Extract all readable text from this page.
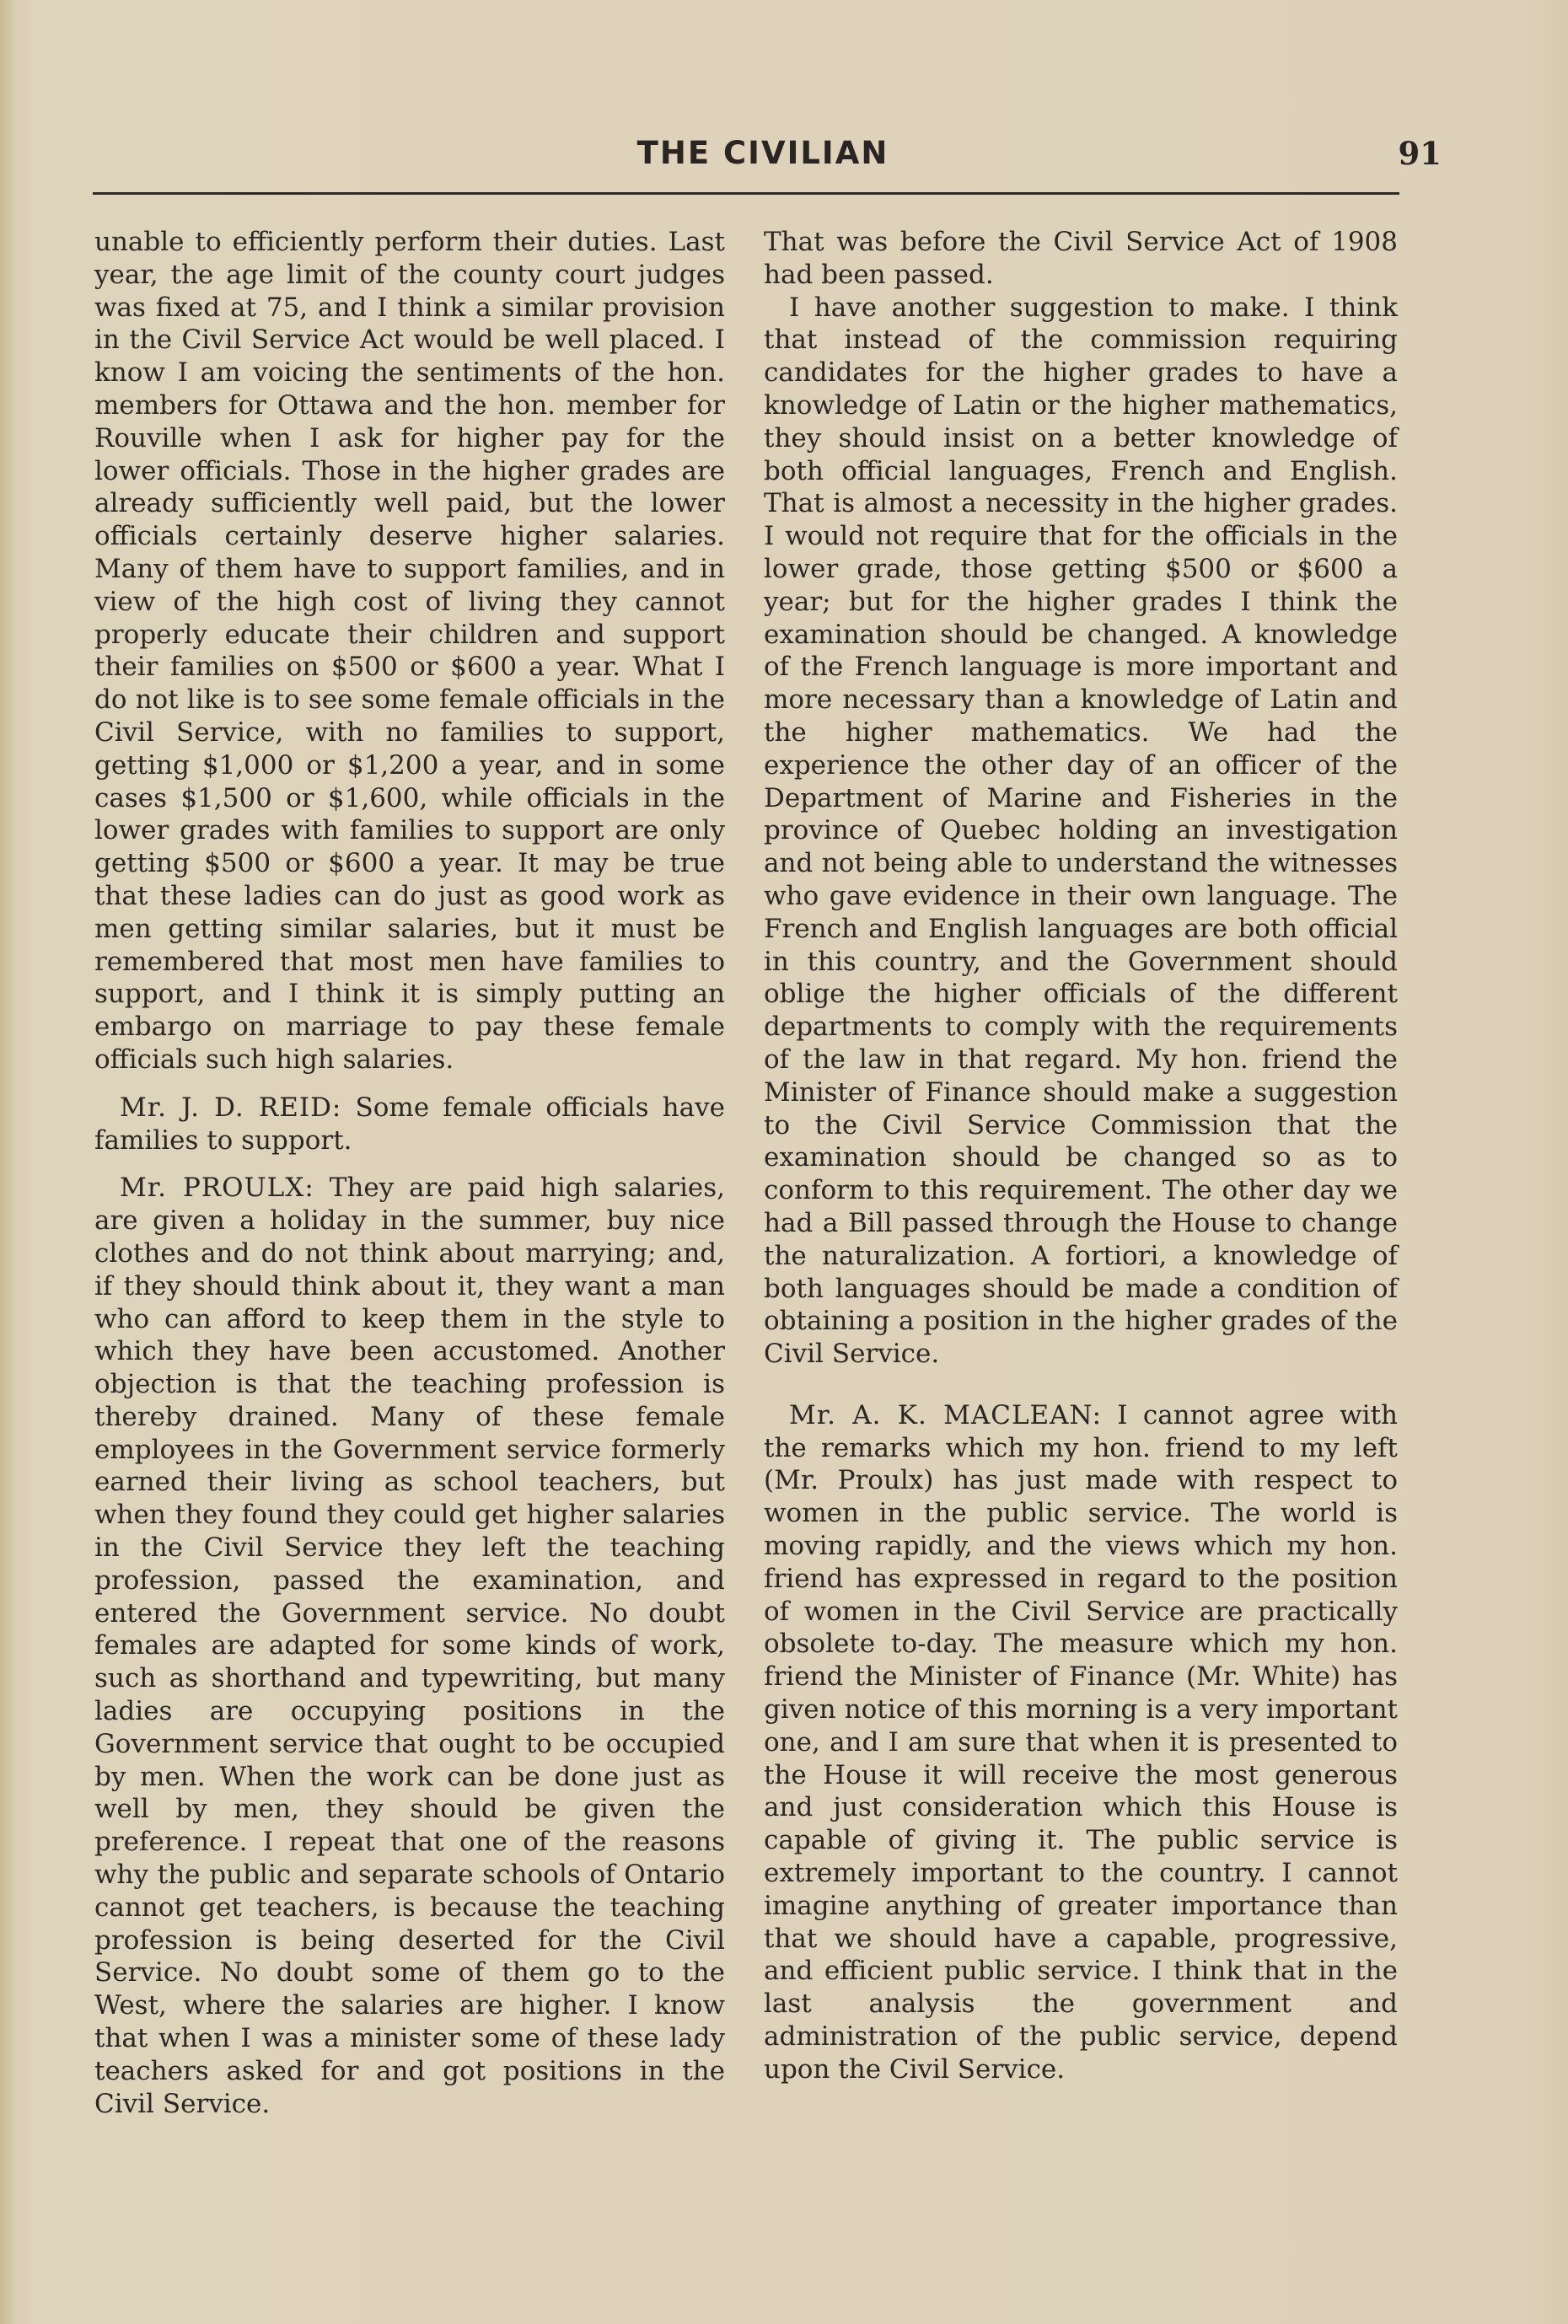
THE CIVILIAN	91

unable to efficiently perform their duties. Last year, the age limit of the county court judges was fixed at 75, and I think a similar provision in the Civil Service Act would be well placed. I know I am voicing the sentiments of the hon. members for Ottawa and the hon. member for Rouville when I ask for higher pay for the lower officials. Those in the higher grades are already sufficiently well paid, but the lower officials certainly deserve higher salaries. Many of them have to support families, and in view of the high cost of living they cannot properly educate their children and support their families on $500 or $600 a year. What I do not like is to see some female officials in the Civil Service, with no families to support, getting $1,000 or $1,200 a year, and in some cases $1,500 or $1,600, while officials in the lower grades with families to support are only getting $500 or $600 a year. It may be true that these ladies can do just as good work as men getting similar salaries, but it must be remembered that most men have families to support, and I think it is simply putting an embargo on marriage to pay these female officials such high salaries.

Mr. J. D. REID: Some female officials have families to support.

Mr. PROULX: They are paid high salaries, are given a holiday in the summer, buy nice clothes and do not think about marrying; and, if they should think about it, they want a man who can afford to keep them in the style to which they have been accustomed. Another objection is that the teaching profession is thereby drained. Many of these female employees in the Government service formerly earned their living as school teachers, but when they found they could get higher salaries in the Civil Service they left the teaching profession, passed the examination, and entered the Government service. No doubt females are adapted for some kinds of work, such as shorthand and typewriting, but many ladies are occupying positions in the Government service that ought to be occupied by men. When the work can be done just as well by men, they should be given the preference. I repeat that one of the reasons why the public and separate schools of Ontario cannot get teachers, is because the teaching profession is being deserted for the Civil Service. No doubt some of them go to the West, where the salaries are higher. I know that when I was a minister some of these lady teachers asked for and got positions in the Civil Service.

That was before the Civil Service Act of 1908 had been passed.

I have another suggestion to make. I think that instead of the commission requiring candidates for the higher grades to have a knowledge of Latin or the higher mathematics, they should insist on a better knowledge of both official languages, French and English. That is almost a necessity in the higher grades. I would not require that for the officials in the lower grade, those getting $500 or $600 a year; but for the higher grades I think the examination should be changed. A knowledge of the French language is more important and more necessary than a knowledge of Latin and the higher mathematics. We had the experience the other day of an officer of the Department of Marine and Fisheries in the province of Quebec holding an investigation and not being able to understand the witnesses who gave evidence in their own language. The French and English languages are both official in this country, and the Government should oblige the higher officials of the different departments to comply with the requirements of the law in that regard. My hon. friend the Minister of Finance should make a suggestion to the Civil Service Commission that the examination should be changed so as to conform to this requirement. The other day we had a Bill passed through the House to change the naturalization. A fortiori, a knowledge of both languages should be made a condition of obtaining a position in the higher grades of the Civil Service.

Mr. A. K. MACLEAN: I cannot agree with the remarks which my hon. friend to my left (Mr. Proulx) has just made with respect to women in the public service. The world is moving rapidly, and the views which my hon. friend has expressed in regard to the position of women in the Civil Service are practically obsolete to-day. The measure which my hon. friend the Minister of Finance (Mr. White) has given notice of this morning is a very important one, and I am sure that when it is presented to the House it will receive the most generous and just consideration which this House is capable of giving it. The public service is extremely important to the country. I cannot imagine anything of greater importance than that we should have a capable, progressive, and efficient public service. I think that in the last analysis the government and administration of the public service, depend upon the Civil Service.
